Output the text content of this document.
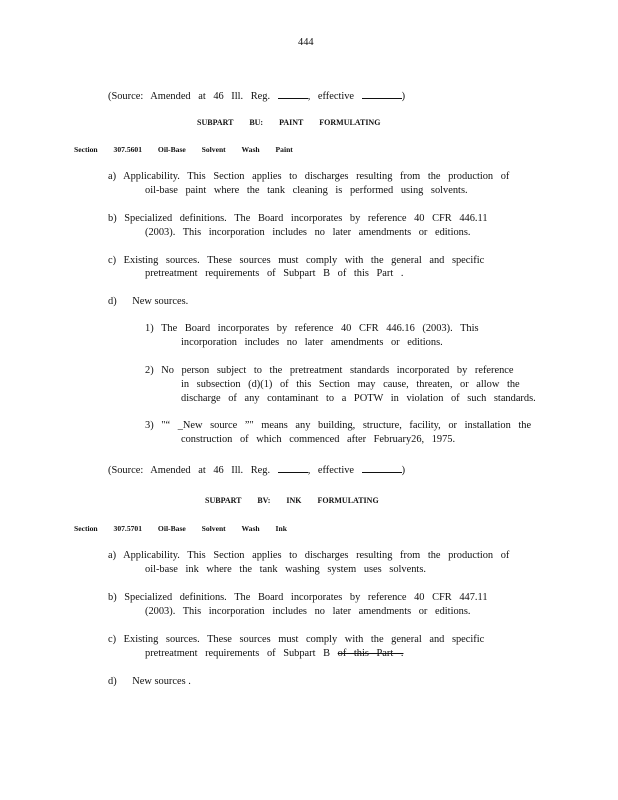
444
(Source: Amended at 46 Ill. Reg.	, effective	)
SUBPART BU: PAINT FORMULATING
Section 307.5601 Oil-Base Solvent Wash Paint
a) Applicability. This Section applies to discharges resulting from the production of
oil-base paint where the tank cleaning is performed using solvents.
b) Specialized definitions. The Board incorporates by reference 40 CFR 446.11
(2003). This incorporation includes no later amendments or editions.
c) Existing sources. These sources must comply with the general and specific
pretreatment requirements of Subpart B of this Part .
d)      New sources.
1) The Board incorporates by reference 40 CFR 446.16 (2003). This
incorporation includes no later amendments or editions.
2) No person subject to the pretreatment standards incorporated by reference
in subsection (d)(1) of this Section may cause, threaten, or allow the
discharge of any contaminant to a POTW in violation of such standards.
3) "“ _New source ”" means any building, structure, facility, or installation the
construction of which commenced after February26, 1975.
(Source: Amended at 46 Ill. Reg.	, effective	)
SUBPART BV: INK FORMULATING
Section 307.5701 Oil-Base Solvent Wash Ink
a) Applicability. This Section applies to discharges resulting from the production of
oil-base ink where the tank washing system uses solvents.
b) Specialized definitions. The Board incorporates by reference 40 CFR 447.11
(2003). This incorporation includes no later amendments or editions.
c) Existing sources. These sources must comply with the general and specific
pretreatment requirements of Subpart B of this Part .
d)      New sources .
